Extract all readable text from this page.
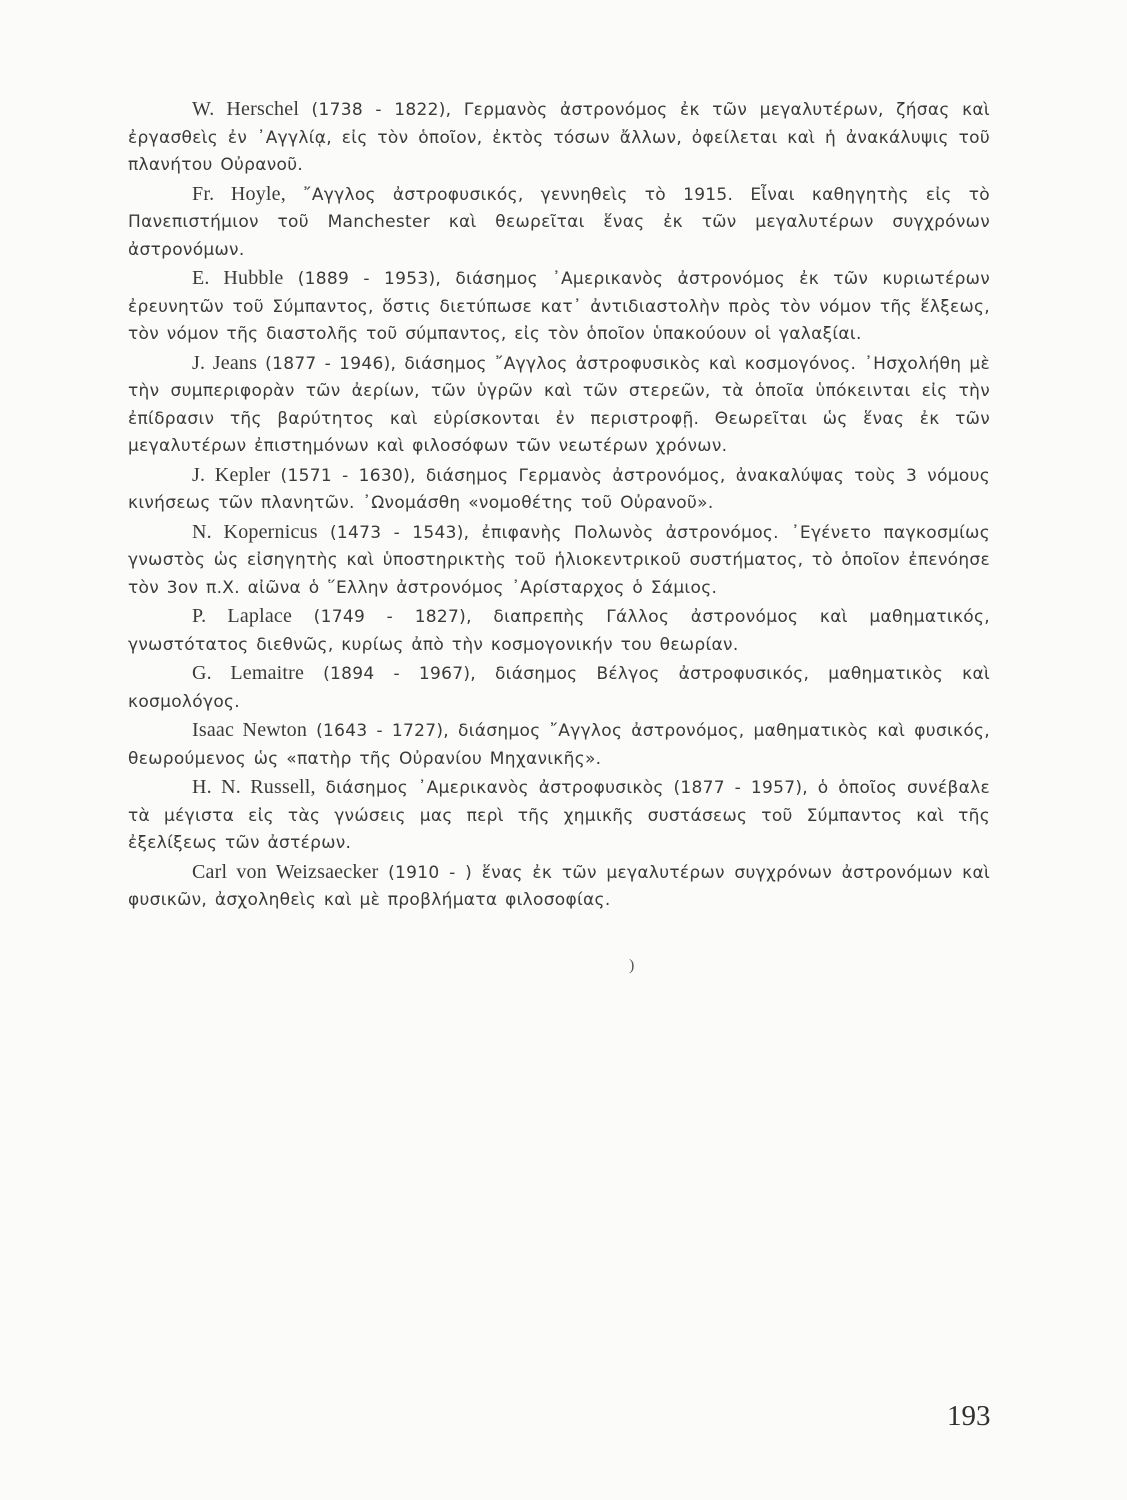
W. Herschel (1738 - 1822), Γερμανὸς ἀστρονόμος ἐκ τῶν μεγαλυτέρων, ζήσας καὶ ἐργασθεὶς ἐν ᾿Αγγλίᾳ, εἰς τὸν ὁποῖον, ἐκτὸς τόσων ἄλλων, ὀφείλεται καὶ ἡ ἀνακάλυψις τοῦ πλανήτου Οὐρανοῦ.

Fr. Hoyle, ῎Αγγλος ἀστροφυσικός, γεννηθεὶς τὸ 1915. Εἶναι καθηγητὴς εἰς τὸ Πανεπιστήμιον τοῦ Manchester καὶ θεωρεῖται ἕνας ἐκ τῶν μεγαλυτέρων συγχρόνων ἀστρονόμων.

E. Hubble (1889 - 1953), διάσημος ᾿Αμερικανὸς ἀστρονόμος ἐκ τῶν κυριωτέρων ἐρευνητῶν τοῦ Σύμπαντος, ὅστις διετύπωσε κατ᾿ ἀντιδιαστολὴν πρὸς τὸν νόμον τῆς ἕλξεως, τὸν νόμον τῆς διαστολῆς τοῦ σύμπαντος, εἰς τὸν ὁποῖον ὑπακούουν οἱ γαλαξίαι.

J. Jeans (1877 - 1946), διάσημος ῎Αγγλος ἀστροφυσικὸς καὶ κοσμογόνος. ᾿Ησχολήθη μὲ τὴν συμπεριφορὰν τῶν ἀερίων, τῶν ὑγρῶν καὶ τῶν στερεῶν, τὰ ὁποῖα ὑπόκεινται εἰς τὴν ἐπίδρασιν τῆς βαρύτητος καὶ εὑρίσκονται ἐν περιστροφῇ. Θεωρεῖται ὡς ἕνας ἐκ τῶν μεγαλυτέρων ἐπιστημόνων καὶ φιλοσόφων τῶν νεωτέρων χρόνων.

J. Kepler (1571 - 1630), διάσημος Γερμανὸς ἀστρονόμος, ἀνακαλύψας τοὺς 3 νόμους κινήσεως τῶν πλανητῶν. ᾿Ωνομάσθη «νομοθέτης τοῦ Οὐρανοῦ».

N. Kopernicus (1473 - 1543), ἐπιφανὴς Πολωνὸς ἀστρονόμος. ᾿Εγένετο παγκοσμίως γνωστὸς ὡς εἰσηγητὴς καὶ ὑποστηρικτὴς τοῦ ἡλιοκεντρικοῦ συστήματος, τὸ ὁποῖον ἐπενόησε τὸν 3ον π.Χ. αἰῶνα ὁ ῞Ελλην ἀστρονόμος ᾿Αρίσταρχος ὁ Σάμιος.

P. Laplace (1749 - 1827), διαπρεπὴς Γάλλος ἀστρονόμος καὶ μαθηματικός, γνωστότατος διεθνῶς, κυρίως ἀπὸ τὴν κοσμογονικήν του θεωρίαν.

G. Lemaitre (1894 - 1967), διάσημος Βέλγος ἀστροφυσικός, μαθηματικὸς καὶ κοσμολόγος.

Isaac Newton (1643 - 1727), διάσημος ῎Αγγλος ἀστρονόμος, μαθηματικὸς καὶ φυσικός, θεωρούμενος ὡς «πατὴρ τῆς Οὐρανίου Μηχανικῆς».

H. N. Russell, διάσημος ᾿Αμερικανὸς ἀστροφυσικὸς (1877 - 1957), ὁ ὁποῖος συνέβαλε τὰ μέγιστα εἰς τὰς γνώσεις μας περὶ τῆς χημικῆς συστάσεως τοῦ Σύμπαντος καὶ τῆς ἐξελίξεως τῶν ἀστέρων.

Carl von Weizsaecker (1910 - ) ἕνας ἐκ τῶν μεγαλυτέρων συγχρόνων ἀστρονόμων καὶ φυσικῶν, ἀσχοληθεὶς καὶ μὲ προβλήματα φιλοσοφίας.

)
193
